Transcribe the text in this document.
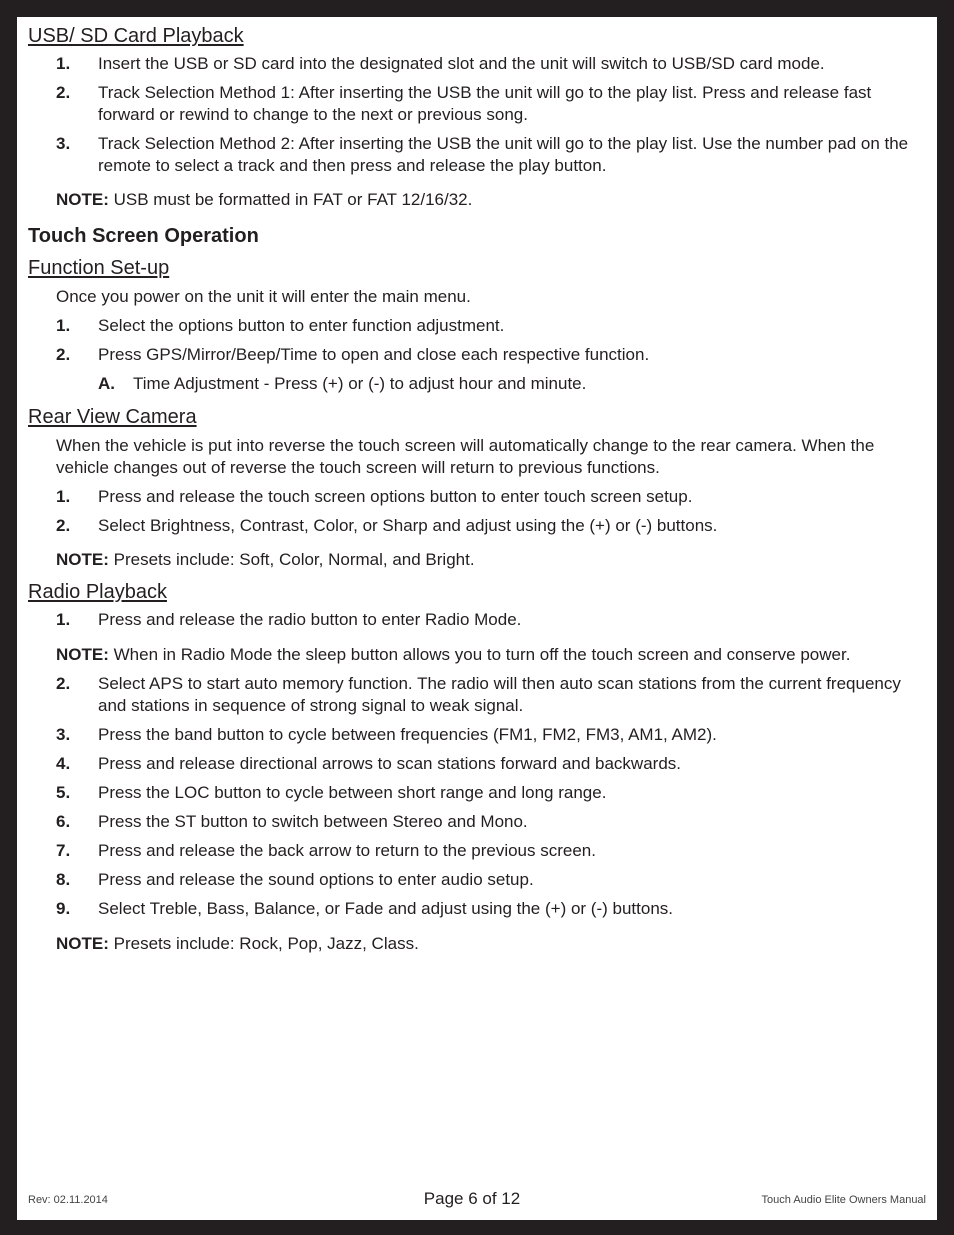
USB/ SD Card Playback
1. Insert the USB or SD card into the designated slot and the unit will switch to USB/SD card mode.
2. Track Selection Method 1: After inserting the USB the unit will go to the play list. Press and release fast forward or rewind to change to the next or previous song.
3. Track Selection Method 2: After inserting the USB the unit will go to the play list. Use the number pad on the remote to select a track and then press and release the play button.
NOTE: USB must be formatted in FAT or FAT 12/16/32.
Touch Screen Operation
Function Set-up
Once you power on the unit it will enter the main menu.
1. Select the options button to enter function adjustment.
2. Press GPS/Mirror/Beep/Time to open and close each respective function.
A. Time Adjustment - Press (+) or (-) to adjust hour and minute.
Rear View Camera
When the vehicle is put into reverse the touch screen will automatically change to the rear camera. When the vehicle changes out of reverse the touch screen will return to previous functions.
1. Press and release the touch screen options button to enter touch screen setup.
2. Select Brightness, Contrast, Color, or Sharp and adjust using the (+) or (-) buttons.
NOTE: Presets include: Soft, Color, Normal, and Bright.
Radio Playback
1. Press and release the radio button to enter Radio Mode.
NOTE: When in Radio Mode the sleep button allows you to turn off the touch screen and conserve power.
2. Select APS to start auto memory function. The radio will then auto scan stations from the current frequency and stations in sequence of strong signal to weak signal.
3. Press the band button to cycle between frequencies (FM1, FM2, FM3, AM1, AM2).
4. Press and release directional arrows to scan stations forward and backwards.
5. Press the LOC button to cycle between short range and long range.
6. Press the ST button to switch between Stereo and Mono.
7. Press and release the back arrow to return to the previous screen.
8. Press and release the sound options to enter audio setup.
9. Select Treble, Bass, Balance, or Fade and adjust using the (+) or (-) buttons.
NOTE: Presets include: Rock, Pop, Jazz, Class.
Rev: 02.11.2014	Page 6 of 12	Touch Audio Elite Owners Manual
